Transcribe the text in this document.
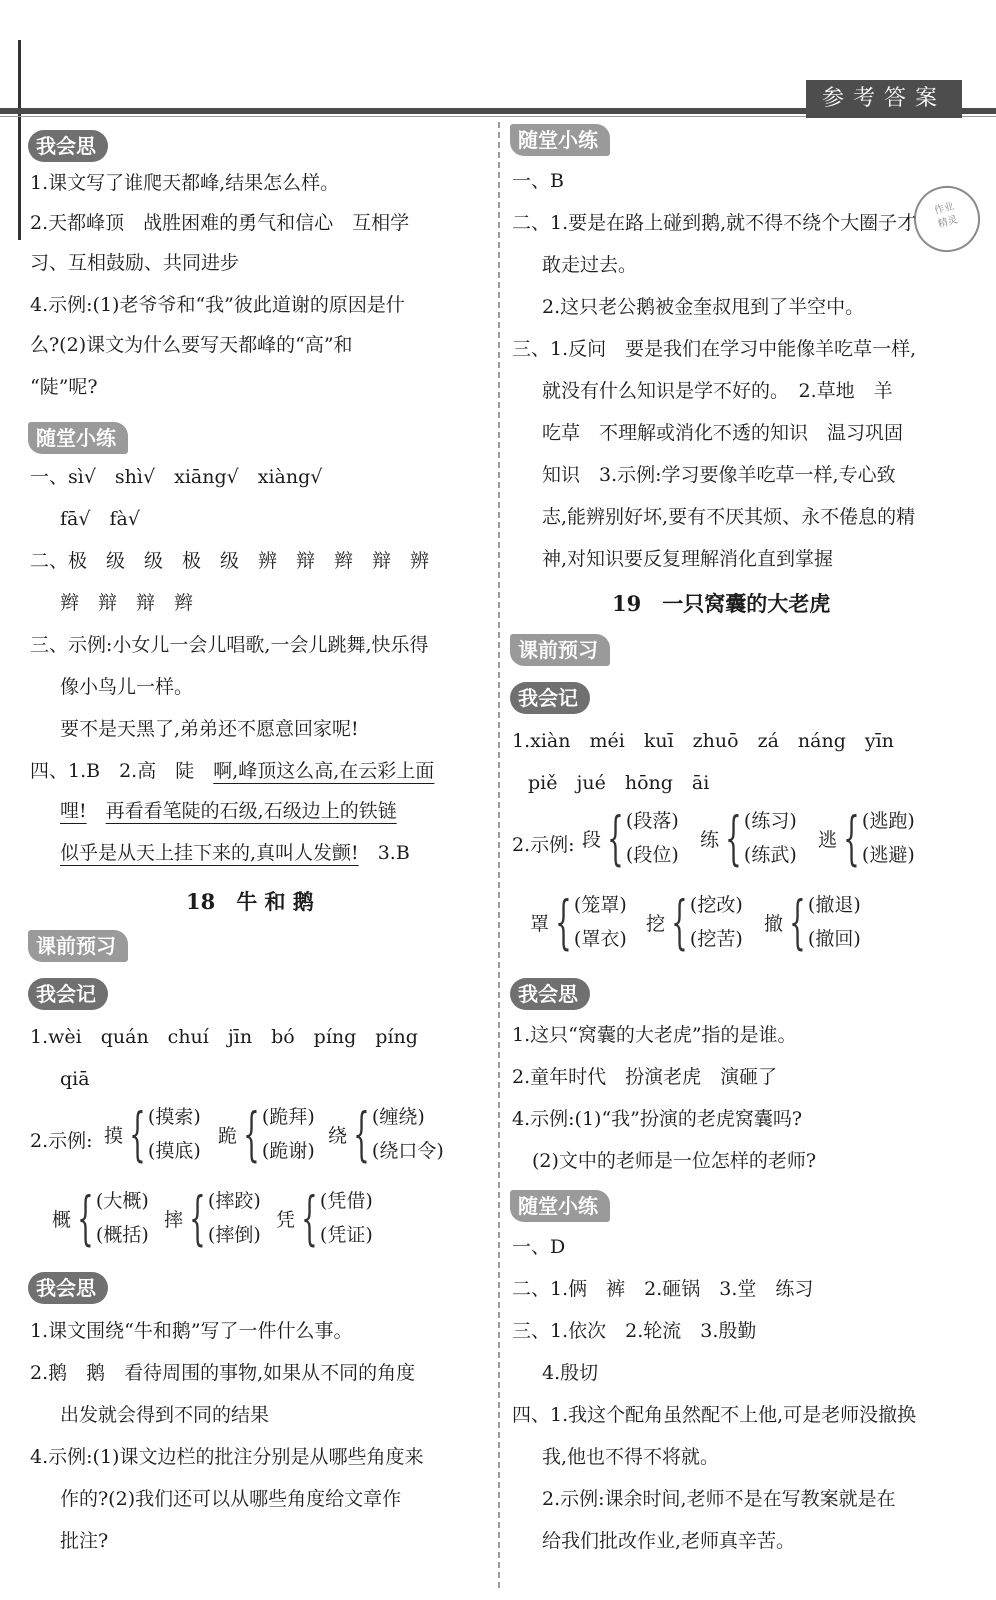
参考答案

作业
精灵
我会思
1.课文写了谁爬天都峰,结果怎么样。
2.天都峰顶　战胜困难的勇气和信心　互相学
习、互相鼓励、共同进步
4.示例:(1)老爷爷和“我”彼此道谢的原因是什
么?(2)课文为什么要写天都峰的“高”和
“陡”呢?
随堂小练
一、sì√　shì√　xiāng√　xiàng√
fā√　fà√
二、极　级　级　极　级　辨　辩　辫　辩　辨
辫　辩　辩　辫
三、示例:小女儿一会儿唱歌,一会儿跳舞,快乐得
像小鸟儿一样。
要不是天黑了,弟弟还不愿意回家呢!
四、1.B　2.高　陡　啊,峰顶这么高,在云彩上面
哩!　 再看看笔陡的石级,石级边上的铁链
似乎是从天上挂下来的,真叫人发颤!　 3.B
18　牛 和 鹅
课前预习
我会记
1.wèi　quán　chuí　jīn　bó　píng　píng
qiā
2.示例: 摸 { (摸索)
(摸底)
跪 { (跪拜)
(跪谢)
绕 { (缠绕)
(绕口令)
概 { (大概)
(概括)
摔 { (摔跤)
(摔倒)
凭 { (凭借)
(凭证)
我会思
1.课文围绕“牛和鹅”写了一件什么事。
2.鹅　鹅　看待周围的事物,如果从不同的角度
出发就会得到不同的结果
4.示例:(1)课文边栏的批注分别是从哪些角度来
作的?(2)我们还可以从哪些角度给文章作
批注?
随堂小练
一、B
二、1.要是在路上碰到鹅,就不得不绕个大圈子才
敢走过去。
2.这只老公鹅被金奎叔甩到了半空中。
三、1.反问　要是我们在学习中能像羊吃草一样,
就没有什么知识是学不好的。　2.草地　羊
吃草　不理解或消化不透的知识　温习巩固
知识　3.示例:学习要像羊吃草一样,专心致
志,能辨别好坏,要有不厌其烦、永不倦息的精
神,对知识要反复理解消化直到掌握
19　一只窝囊的大老虎
课前预习
我会记
1.xiàn　méi　kuī　zhuō　zá　náng　yīn
piě　jué　hōng　āi
2.示例: 段 { (段落)
(段位)
练 { (练习)
(练武)
逃 { (逃跑)
(逃避)
罩 { (笼罩)
(罩衣)
挖 { (挖改)
(挖苦)
撤 { (撤退)
(撤回)
我会思
1.这只“窝囊的大老虎”指的是谁。
2.童年时代　扮演老虎　演砸了
4.示例:(1)“我”扮演的老虎窝囊吗?
(2)文中的老师是一位怎样的老师?
随堂小练
一、D
二、1.俩　裤　2.砸锅　3.堂　练习
三、1.依次　2.轮流　3.殷勤
4.殷切
四、1.我这个配角虽然配不上他,可是老师没撤换
我,他也不得不将就。
2.示例:课余时间,老师不是在写教案就是在
给我们批改作业,老师真辛苦。
